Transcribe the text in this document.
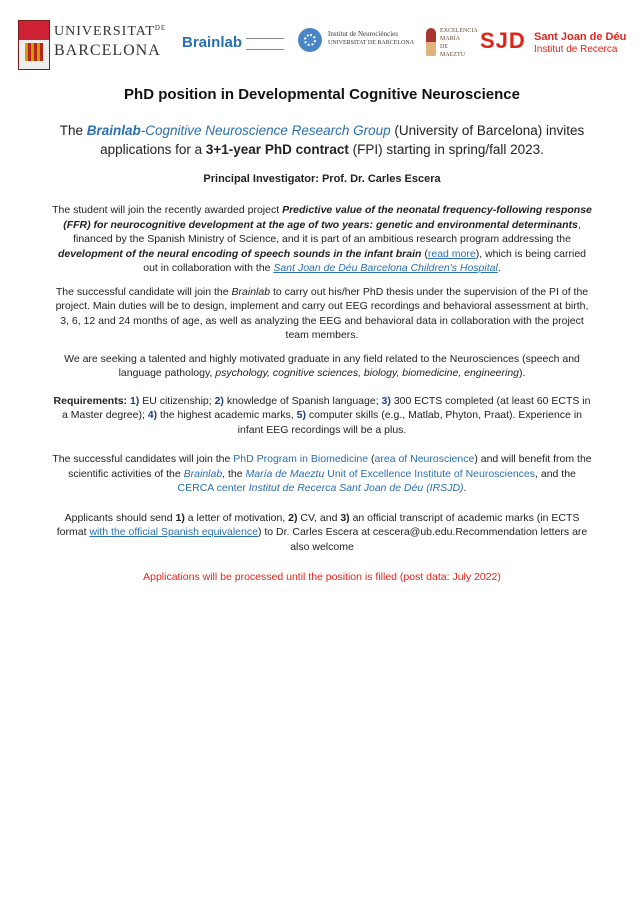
$UNIVERSITAT^{DE}$
BARCELONA Brainlab	Institut de Neurociències
UNIVERSITAT DE BARCELONA
EXCELENCIA
MARÍA
DE
MAEZTU
SJD Sant Joan de Déu
Institut de Recerca
PhD position in Developmental Cognitive Neuroscience
The Brainlab-Cognitive Neuroscience Research Group (University of Barcelona) invites applications for a 3+1-year PhD contract (FPI) starting in spring/fall 2023.
Principal Investigator: Prof. Dr. Carles Escera

The student will join the recently awarded project Predictive value of the neonatal frequency-following response (FFR) for neurocognitive development at the age of two years: genetic and environmental determinants, financed by the Spanish Ministry of Science, and it is part of an ambitious research program addressing the development of the neural encoding of speech sounds in the infant brain (read more), which is being carried out in collaboration with the Sant Joan de Déu Barcelona Children's Hospital.

The successful candidate will join the Brainlab to carry out his/her PhD thesis under the supervision of the PI of the project. Main duties will be to design, implement and carry out EEG recordings and behavioral assessment at birth, 3, 6, 12 and 24 months of age, as well as analyzing the EEG and behavioral data in collaboration with the project team members.

We are seeking a talented and highly motivated graduate in any field related to the Neurosciences (speech and language pathology, psychology, cognitive sciences, biology, biomedicine, engineering).

Requirements: 1) EU citizenship; 2) knowledge of Spanish language; 3) 300 ECTS completed (at least 60 ECTS in a Master degree); 4) the highest academic marks, 5) computer skills (e.g., Matlab, Phyton, Praat). Experience in infant EEG recordings will be a plus.

The successful candidates will join the PhD Program in Biomedicine (area of Neuroscience) and will benefit from the scientific activities of the Brainlab, the María de Maeztu Unit of Excellence Institute of Neurosciences, and the CERCA center Institut de Recerca Sant Joan de Déu (IRSJD).

Applicants should send 1) a letter of motivation, 2) CV, and 3) an official transcript of academic marks (in ECTS format with the official Spanish equivalence) to Dr. Carles Escera at cescera@ub.edu.Recommendation letters are also welcome

Applications will be processed until the position is filled (post data: July 2022)
